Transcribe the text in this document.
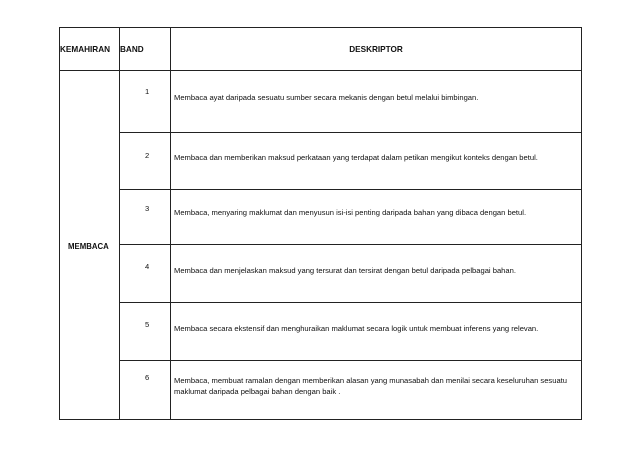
KEMAHIRAN	BAND	DESKRIPTOR
MEMBACA	1	Membaca ayat daripada sesuatu sumber secara mekanis dengan betul melalui bimbingan.
	2	Membaca dan memberikan maksud perkataan yang terdapat dalam petikan mengikut konteks dengan betul.
	3	Membaca, menyaring maklumat dan menyusun isi-isi penting daripada bahan yang dibaca dengan betul.
	4	Membaca dan menjelaskan maksud yang tersurat dan tersirat dengan betul daripada pelbagai bahan.
	5	Membaca secara ekstensif dan menghuraikan maklumat secara logik untuk membuat inferens yang relevan.
	6	Membaca, membuat ramalan dengan memberikan alasan yang munasabah dan menilai secara keseluruhan sesuatu maklumat daripada pelbagai bahan dengan baik .
